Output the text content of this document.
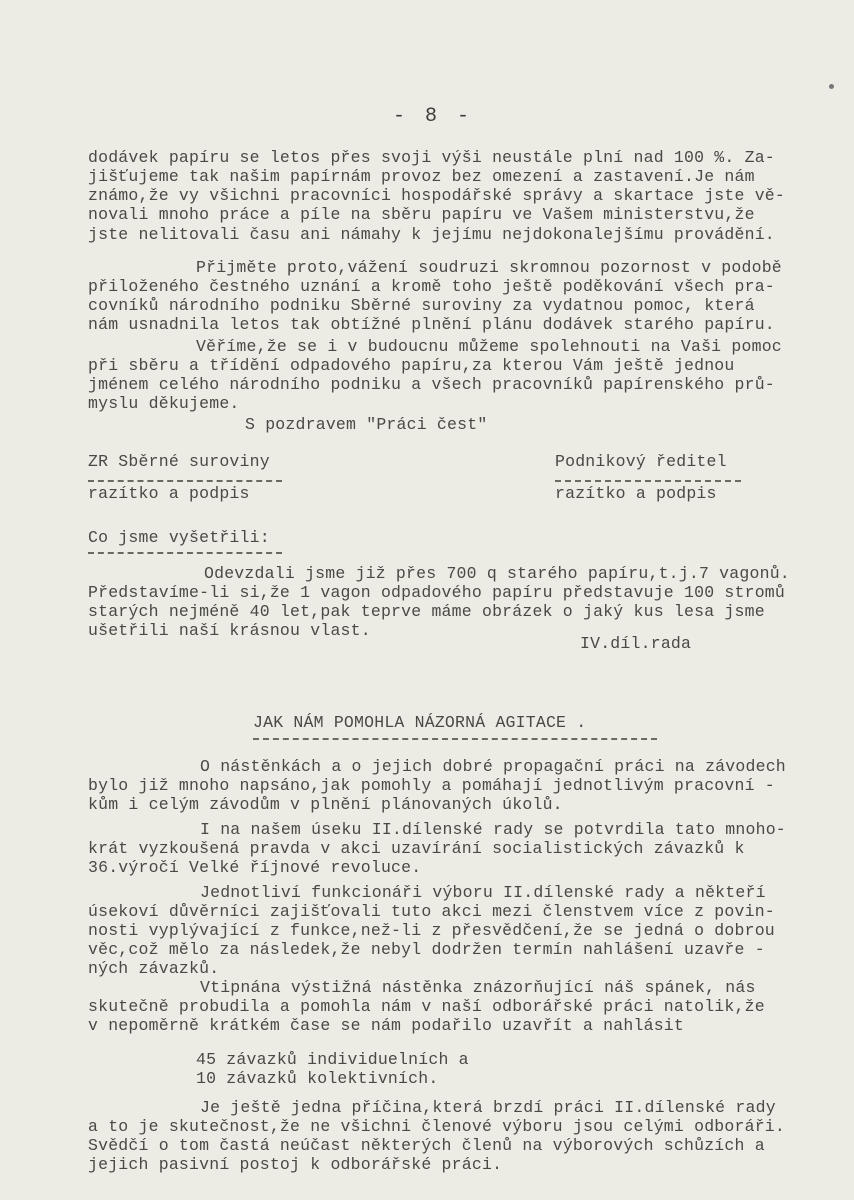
- 8 -
dodávek papíru se letos přes svoji výši neustále plní nad 100 %. Za-
jišťujeme tak našim papírnám provoz bez omezení a zastavení.Je nám
známo,že vy všichni pracovníci hospodářské správy a skartace jste vě-
novali mnoho práce a píle na sběru papíru ve Vašem ministerstvu,že
jste nelitovali času ani námahy k jejímu nejdokonalejšímu provádění.
Přijměte proto,vážení soudruzi skromnou pozornost v podobě
přiloženého čestného uznání a kromě toho ještě poděkování všech pra-
covníků národního podniku Sběrné suroviny za vydatnou pomoc, která
nám usnadnila letos tak obtížné plnění plánu dodávek starého papíru.
Věříme,že se i v budoucnu můžeme spolehnouti na Vaši pomoc
při sběru a třídění odpadového papíru,za kterou Vám ještě jednou
jménem celého národního podniku a všech pracovníků papírenského prů-
myslu děkujeme.
S pozdravem "Práci čest"
ZR Sběrné suroviny	Podnikový ředitel
razítko a podpis	razítko a podpis
Co jsme vyšetřili:
Odevzdali jsme již přes 700 q starého papíru,t.j.7 vagonů.
Představíme-li si,že 1 vagon odpadového papíru představuje 100 stromů
starých nejméně 40 let,pak teprve máme obrázek o jaký kus lesa jsme
ušetřili naší krásnou vlast.
IV.díl.rada
JAK NÁM POMOHLA NÁZORNÁ AGITACE .
O nástěnkách a o jejich dobré propagační práci na závodech
bylo již mnoho napsáno,jak pomohly a pomáhají jednotlivým pracovní -
kům i celým závodům v plnění plánovaných úkolů.
I na našem úseku II.dílenské rady se potvrdila tato mnoho-
krát vyzkoušená pravda v akci uzavírání socialistických závazků k
36.výročí Velké říjnové revoluce.
Jednotliví funkcionáři výboru II.dílenské rady a někteří
úsekoví důvěrníci zajišťovali tuto akci mezi členstvem více z povin-
nosti vyplývající z funkce,než-li z přesvědčení,že se jedná o dobrou
věc,což mělo za následek,že nebyl dodržen termín nahlášení uzavře -
ných závazků.
Vtipnána výstižná nástěnka znázorňující náš spánek, nás
skutečně probudila a pomohla nám v naší odborářské práci natolik,že
v nepoměrně krátkém čase se nám podařilo uzavřít a nahlásit
45 závazků individuelních a
10 závazků kolektivních.
Je ještě jedna příčina,která brzdí práci II.dílenské rady
a to je skutečnost,že ne všichni členové výboru jsou celými odboráři.
Svědčí o tom častá neúčast některých členů na výborových schůzích a
jejich pasivní postoj k odborářské práci.
